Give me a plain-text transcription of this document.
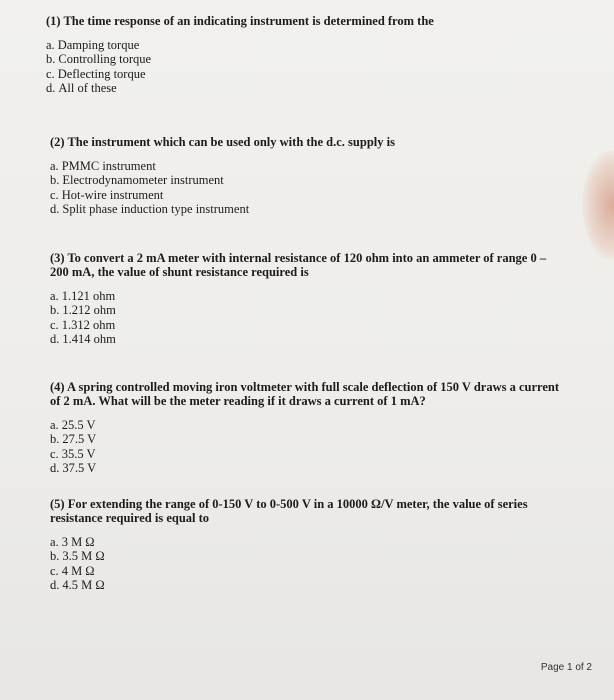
(1) The time response of an indicating instrument is determined from the

a. Damping torque

b. Controlling torque

c. Deflecting torque

d. All of these

(2) The instrument which can be used only with the d.c. supply is

a. PMMC instrument

b. Electrodynamometer instrument

c. Hot-wire instrument

d. Split phase induction type instrument

(3) To convert a 2 mA meter with internal resistance of 120 ohm into an ammeter of range 0 –
200 mA, the value of shunt resistance required is

a. 1.121 ohm

b. 1.212 ohm

c. 1.312 ohm

d. 1.414 ohm

(4) A spring controlled moving iron voltmeter with full scale deflection of 150 V draws a current
of 2 mA. What will be the meter reading if it draws a current of 1 mA?

a. 25.5 V

b. 27.5 V

c. 35.5 V

d. 37.5 V

(5) For extending the range of 0-150 V to 0-500 V in a 10000 Ω/V meter, the value of series
resistance required is equal to

a. 3 M Ω

b. 3.5 M Ω

c. 4 M Ω

d. 4.5 M Ω

Page 1 of 2
